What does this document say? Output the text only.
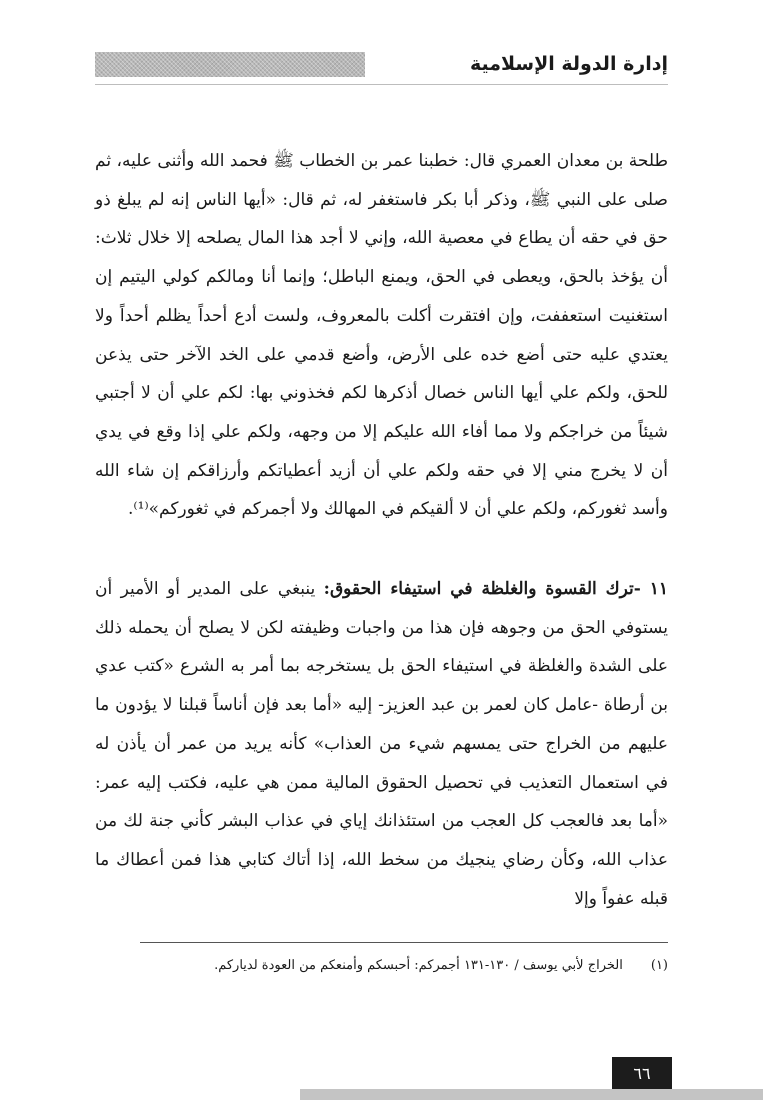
إدارة الدولة الإسلامية

طلحة بن معدان العمري قال: خطبنا عمر بن الخطاب ﷺ فحمد الله وأثنى عليه، ثم صلى على النبي ﷺ، وذكر أبا بكر فاستغفر له، ثم قال: «أيها الناس إنه لم يبلغ ذو حق في حقه أن يطاع في معصية الله، وإني لا أجد هذا المال يصلحه إلا خلال ثلاث: أن يؤخذ بالحق، ويعطى في الحق، ويمنع الباطل؛ وإنما أنا ومالكم كولي اليتيم إن استغنيت استعففت، وإن افتقرت أكلت بالمعروف، ولست أدع أحداً يظلم أحداً ولا يعتدي عليه حتى أضع خده على الأرض، وأضع قدمي على الخد الآخر حتى يذعن للحق، ولكم علي أيها الناس خصال أذكرها لكم فخذوني بها: لكم علي أن لا أجتبي شيئاً من خراجكم ولا مما أفاء الله عليكم إلا من وجهه، ولكم علي إذا وقع في يدي أن لا يخرج مني إلا في حقه ولكم علي أن أزيد أعطياتكم وأرزاقكم إن شاء الله وأسد ثغوركم، ولكم علي أن لا ألقيكم في المهالك ولا أجمركم في ثغوركم»⁽¹⁾.

١١ -ترك القسوة والغلظة في استيفاء الحقوق: ينبغي على المدير أو الأمير أن يستوفي الحق من وجوهه فإن هذا من واجبات وظيفته لكن لا يصلح أن يحمله ذلك على الشدة والغلظة في استيفاء الحق بل يستخرجه بما أمر به الشرع «كتب عدي بن أرطاة -عامل كان لعمر بن عبد العزيز- إليه «أما بعد فإن أناساً قبلنا لا يؤدون ما عليهم من الخراج حتى يمسهم شيء من العذاب» كأنه يريد من عمر أن يأذن له في استعمال التعذيب في تحصيل الحقوق المالية ممن هي عليه، فكتب إليه عمر: «أما بعد فالعجب كل العجب من استئذانك إياي في عذاب البشر كأني جنة لك من عذاب الله، وكأن رضاي ينجيك من سخط الله، إذا أتاك كتابي هذا فمن أعطاك ما قبله عفواً وإلا

(١)الخراج لأبي يوسف / ١٣٠-١٣١ أجمركم: أحبسكم وأمنعكم من العودة لدياركم.
٦٦
